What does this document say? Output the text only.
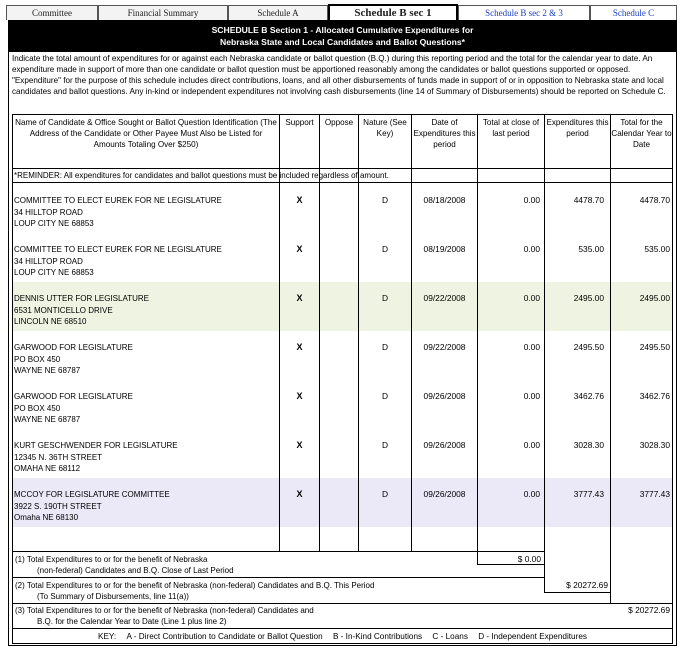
Committee	Financial Summary	Schedule A	Schedule B sec 1	Schedule B sec 2 & 3	Schedule C
SCHEDULE B Section 1 - Allocated Cumulative Expenditures for
Nebraska State and Local Candidates and Ballot Questions*
Indicate the total amount of expenditures for or against each Nebraska candidate or ballot question (B.Q.) during this reporting period and the total for the calendar year to date. An expenditure made in support of more than one candidate or ballot question must be apportioned reasonably among the candidates or ballot questions supported or opposed. "Expenditure" for the purpose of this schedule includes direct contributions, loans, and all other disbursements of funds made in support of or in opposition to Nebraska state and local candidates and ballot questions. Any in-kind or independent expenditures not involving cash disbursements (line 14 of Summary of Disbursements) should be reported on Schedule C.
COMMITTEE TO ELECT EUREK FOR NE LEGISLATURE
34 HILLTOP ROAD
LOUP CITY NE 68853
X	D	08/18/2008	0.00	4478.70	4478.70
COMMITTEE TO ELECT EUREK FOR NE LEGISLATURE
34 HILLTOP ROAD
LOUP CITY NE 68853
X	D	08/19/2008	0.00	535.00	535.00
DENNIS UTTER FOR LEGISLATURE
6531 MONTICELLO DRIVE
LINCOLN NE 68510
X	D	09/22/2008	0.00	2495.00	2495.00
GARWOOD FOR LEGISLATURE
PO BOX 450
WAYNE NE 68787
X	D	09/22/2008	0.00	2495.50	2495.50
GARWOOD FOR LEGISLATURE
PO BOX 450
WAYNE NE 68787
X	D	09/26/2008	0.00	3462.76	3462.76
KURT GESCHWENDER FOR LEGISLATURE
12345 N. 36TH STREET
OMAHA NE 68112
X	D	09/26/2008	0.00	3028.30	3028.30
MCCOY FOR LEGISLATURE COMMITTEE
3922 S. 190TH STREET
Omaha NE 68130
X	D	09/26/2008	0.00	3777.43	3777.43
Name of Candidate & Office Sought or Ballot Question Identification (The Address of the Candidate or Other Payee Must Also be Listed for Amounts Totaling Over $250)
Support	Oppose	Nature (See Key)
Date of Expenditures this period
Total at close of last period
Expenditures this period
Total for the Calendar Year to Date
*REMINDER: All expenditures for candidates and ballot questions must be included regardless of amount.
(1) Total Expenditures to or for the benefit of Nebraska
(non-federal) Candidates and B.Q. Close of Last Period
$ 0.00
(2) Total Expenditures to or for the benefit of Nebraska (non-federal) Candidates and B.Q. This Period
(To Summary of Disbursements, line 11(a))
$ 20272.69
(3) Total Expenditures to or for the benefit of Nebraska (non-federal) Candidates and
B.Q. for the Calendar Year to Date (Line 1 plus line 2)
$ 20272.69
KEY: A - Direct Contribution to Candidate or Ballot Question B - In-Kind Contributions C - Loans D - Independent Expenditures
